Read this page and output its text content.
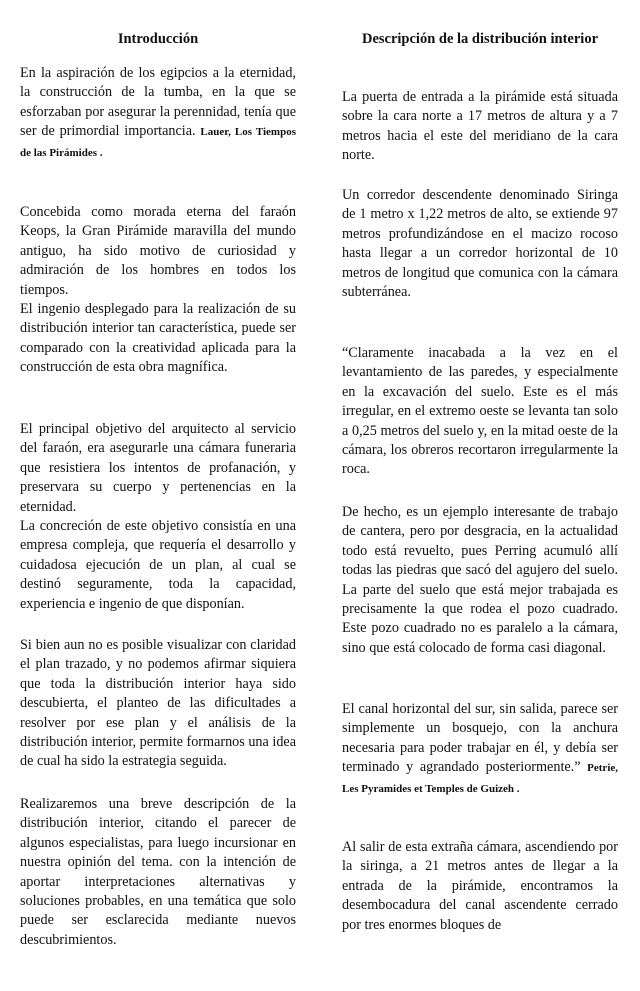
Introducción

En la aspiración de los egipcios a la eternidad, la construcción de la tumba, en la que se esforzaban por asegurar la perennidad, tenía que ser de primordial importancia. Lauer, Los Tiempos de las Pirámides .

Concebida como morada eterna del faraón Keops, la Gran Pirámide maravilla del mundo antiguo, ha sido motivo de curiosidad y admiración de los hombres en todos los tiempos.

El ingenio desplegado para la realización de su distribución interior tan característica, puede ser comparado con la creatividad aplicada para la construcción de esta obra magnífica.

El principal objetivo del arquitecto al servicio del faraón, era asegurarle una cámara funeraria que resistiera los intentos de profanación, y preservara su cuerpo y pertenencias en la eternidad.

La concreción de este objetivo consistía en una empresa compleja, que requería el desarrollo y cuidadosa ejecución de un plan, al cual se destinó seguramente, toda la capacidad, experiencia e ingenio de que disponían.

Si bien aun no es posible visualizar con claridad el plan trazado, y no podemos afirmar siquiera que toda la distribución interior haya sido descubierta, el planteo de las dificultades a resolver por ese plan y el análisis de la distribución interior, permite formarnos una idea de cual ha sido la estrategia seguida.

Realizaremos una breve descripción de la distribución interior, citando el parecer de algunos especialistas, para luego incursionar en nuestra opinión del tema. con la intención de aportar interpretaciones alternativas y soluciones probables, en una temática que solo puede ser esclarecida mediante nuevos descubrimientos.

Descripción de la distribución interior

La puerta de entrada a la pirámide está situada sobre la cara norte a 17 metros de altura y a 7 metros hacia el este del meridiano de la cara norte.

Un corredor descendente denominado Siringa de 1 metro x 1,22 metros de alto, se extiende 97 metros profundizándose en el macizo rocoso hasta llegar a un corredor horizontal de 10 metros de longitud que comunica con la cámara subterránea.

“Claramente inacabada a la vez en el levantamiento de las paredes, y especialmente en la excavación del suelo. Este es el más irregular, en el extremo oeste se levanta tan solo a 0,25 metros del suelo y, en la mitad oeste de la cámara, los obreros recortaron irregularmente la roca.

De hecho, es un ejemplo interesante de trabajo de cantera, pero por desgracia, en la actualidad todo está revuelto, pues Perring acumuló allí todas las piedras que sacó del agujero del suelo. La parte del suelo que está mejor trabajada es precisamente la que rodea el pozo cuadrado. Este pozo cuadrado no es paralelo a la cámara, sino que está colocado de forma casi diagonal.

El canal horizontal del sur, sin salida, parece ser simplemente un bosquejo, con la anchura necesaria para poder trabajar en él, y debía ser terminado y agrandado posteriormente.” Petrie, Les Pyramides et Temples de Guizeh .

Al salir de esta extraña cámara, ascendiendo por la siringa, a 21 metros antes de llegar a la entrada de la pirámide, encontramos la desembocadura del canal ascendente cerrado por tres enormes bloques de
